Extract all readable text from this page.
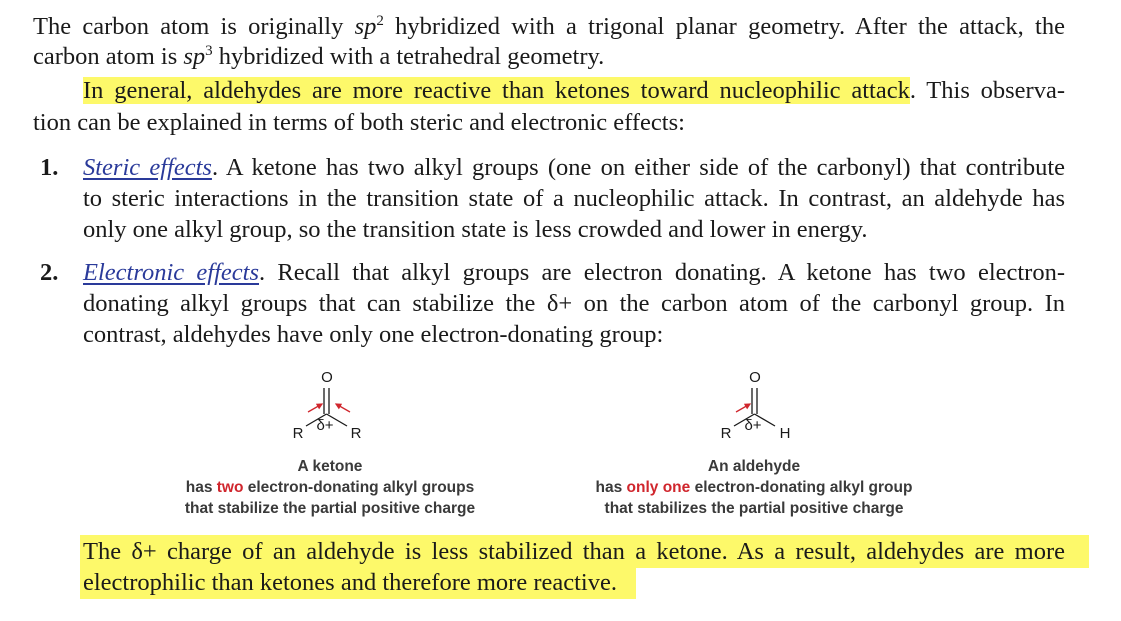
The carbon atom is originally $sp^2$ hybridized with a trigonal planar geometry. After the attack, the
carbon atom is $sp^3$ hybridized with a tetrahedral geometry.
In general, aldehydes are more reactive than ketones toward nucleophilic attack. This observa-
tion can be explained in terms of both steric and electronic effects:
1. Steric effects. A ketone has two alkyl groups (one on either side of the carbonyl) that contribute
to steric interactions in the transition state of a nucleophilic attack. In contrast, an aldehyde has
only one alkyl group, so the transition state is less crowded and lower in energy.
2. Electronic effects. Recall that alkyl groups are electron donating. A ketone has two electron-
donating alkyl groups that can stabilize the δ+ on the carbon atom of the carbonyl group. In
contrast, aldehydes have only one electron-donating group:
O
R δ+ R
O
R δ+ H
A ketone
has two electron-donating alkyl groups
that stabilize the partial positive charge
An aldehyde
has only one electron-donating alkyl group
that stabilizes the partial positive charge
The δ+ charge of an aldehyde is less stabilized than a ketone. As a result, aldehydes are more
electrophilic than ketones and therefore more reactive.
